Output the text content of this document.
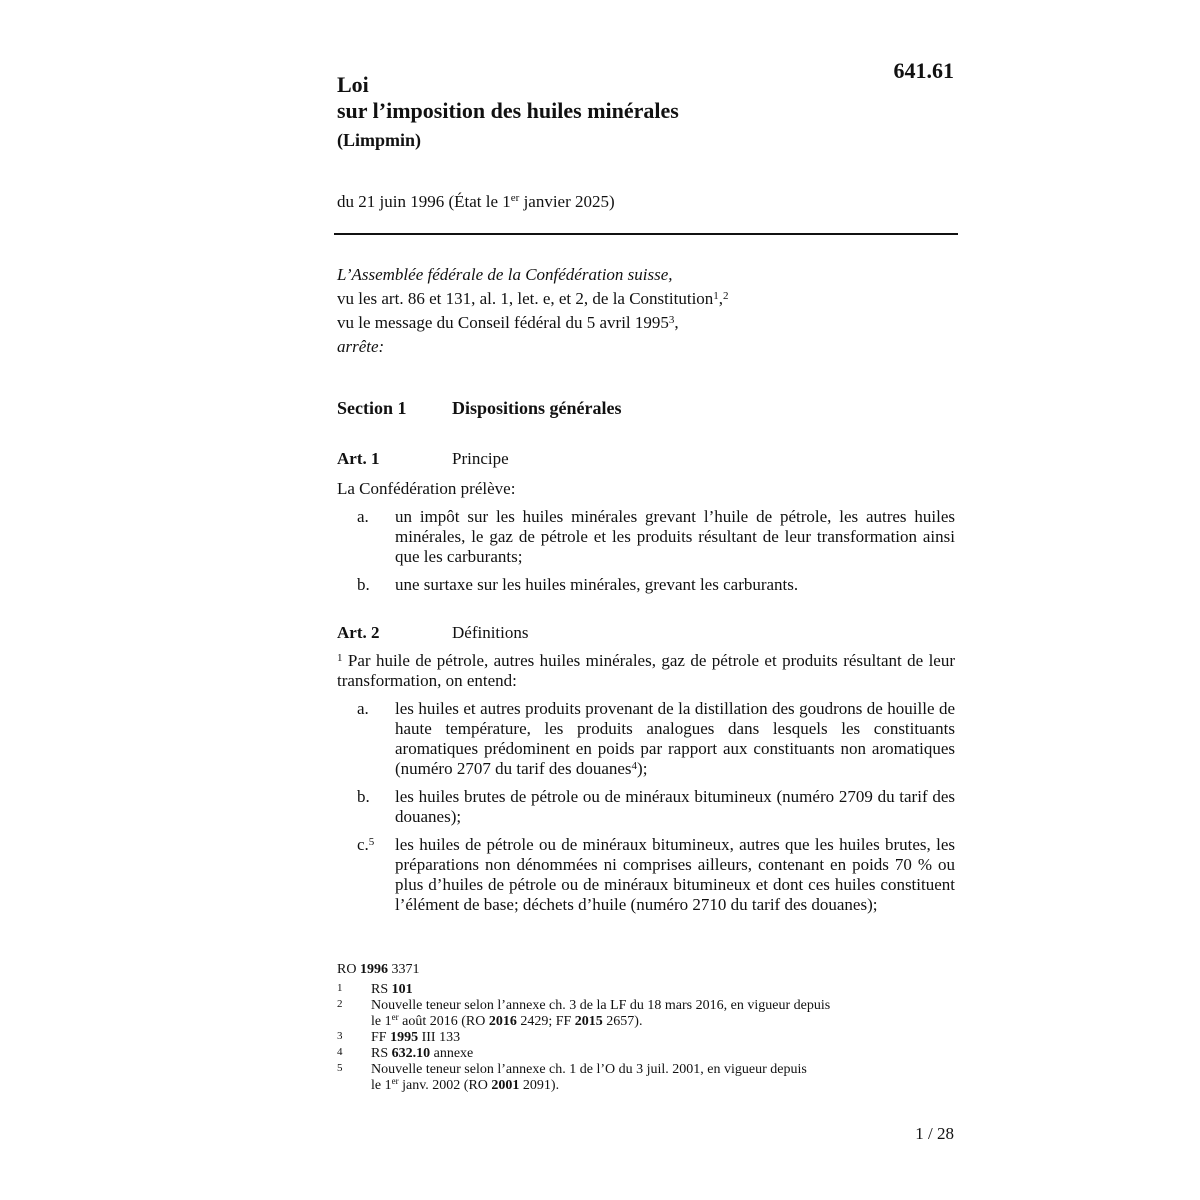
641.61
Loi
sur l’imposition des huiles minérales
(Limpmin)
du 21 juin 1996 (État le 1er janvier 2025)
L’Assemblée fédérale de la Confédération suisse,
vu les art. 86 et 131, al. 1, let. e, et 2, de la Constitution$^1$,$^2$
vu le message du Conseil fédéral du 5 avril 1995$^3$,
arrête:
Section 1	Dispositions générales
Art. 1	Principe
La Confédération prélève:
a.	un impôt sur les huiles minérales grevant l’huile de pétrole, les autres huiles minérales, le gaz de pétrole et les produits résultant de leur transformation ainsi que les carburants;
b.	une surtaxe sur les huiles minérales, grevant les carburants.
Art. 2	Définitions
$^1$ Par huile de pétrole, autres huiles minérales, gaz de pétrole et produits résultant de leur transformation, on entend:
a.	les huiles et autres produits provenant de la distillation des goudrons de houille de haute température, les produits analogues dans lesquels les constituants aromatiques prédominent en poids par rapport aux constituants non aromatiques (numéro 2707 du tarif des douanes$^4$);
b.	les huiles brutes de pétrole ou de minéraux bitumineux (numéro 2709 du tarif des douanes);
c.$^5$	les huiles de pétrole ou de minéraux bitumineux, autres que les huiles brutes, les préparations non dénommées ni comprises ailleurs, contenant en poids 70 % ou plus d’huiles de pétrole ou de minéraux bitumineux et dont ces huiles constituent l’élément de base; déchets d’huile (numéro 2710 du tarif des douanes);
RO 1996 3371
1 RS 101
2 Nouvelle teneur selon l’annexe ch. 3 de la LF du 18 mars 2016, en vigueur depuis
le 1er août 2016 (RO 2016 2429; FF 2015 2657).
3 FF 1995 III 133
4 RS 632.10 annexe
5 Nouvelle teneur selon l’annexe ch. 1 de l’O du 3 juil. 2001, en vigueur depuis
le 1er janv. 2002 (RO 2001 2091).
1 / 28
